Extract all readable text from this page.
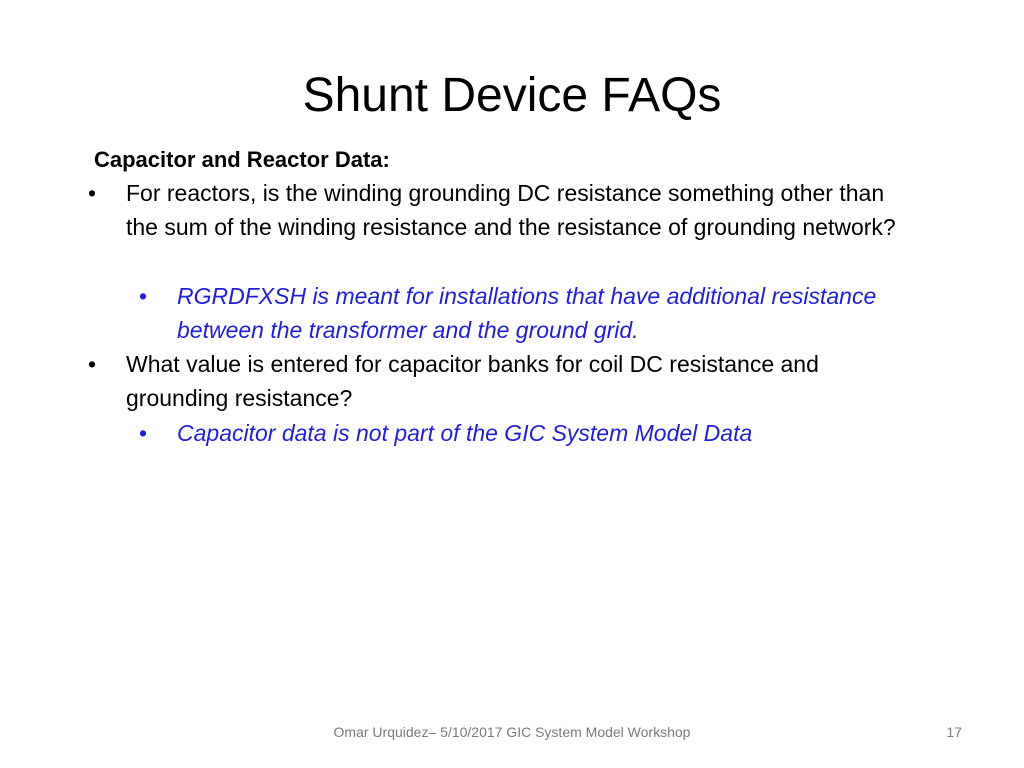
Shunt Device FAQs
Capacitor and Reactor Data:
• For reactors, is the winding grounding DC resistance something other than the sum of the winding resistance and the resistance of grounding network?
• RGRDFXSH is meant for installations that have additional resistance between the transformer and the ground grid.
• What value is entered for capacitor banks for coil DC resistance and grounding resistance?
• Capacitor data is not part of the GIC System Model Data
Omar Urquidez– 5/10/2017 GIC System Model Workshop	17
